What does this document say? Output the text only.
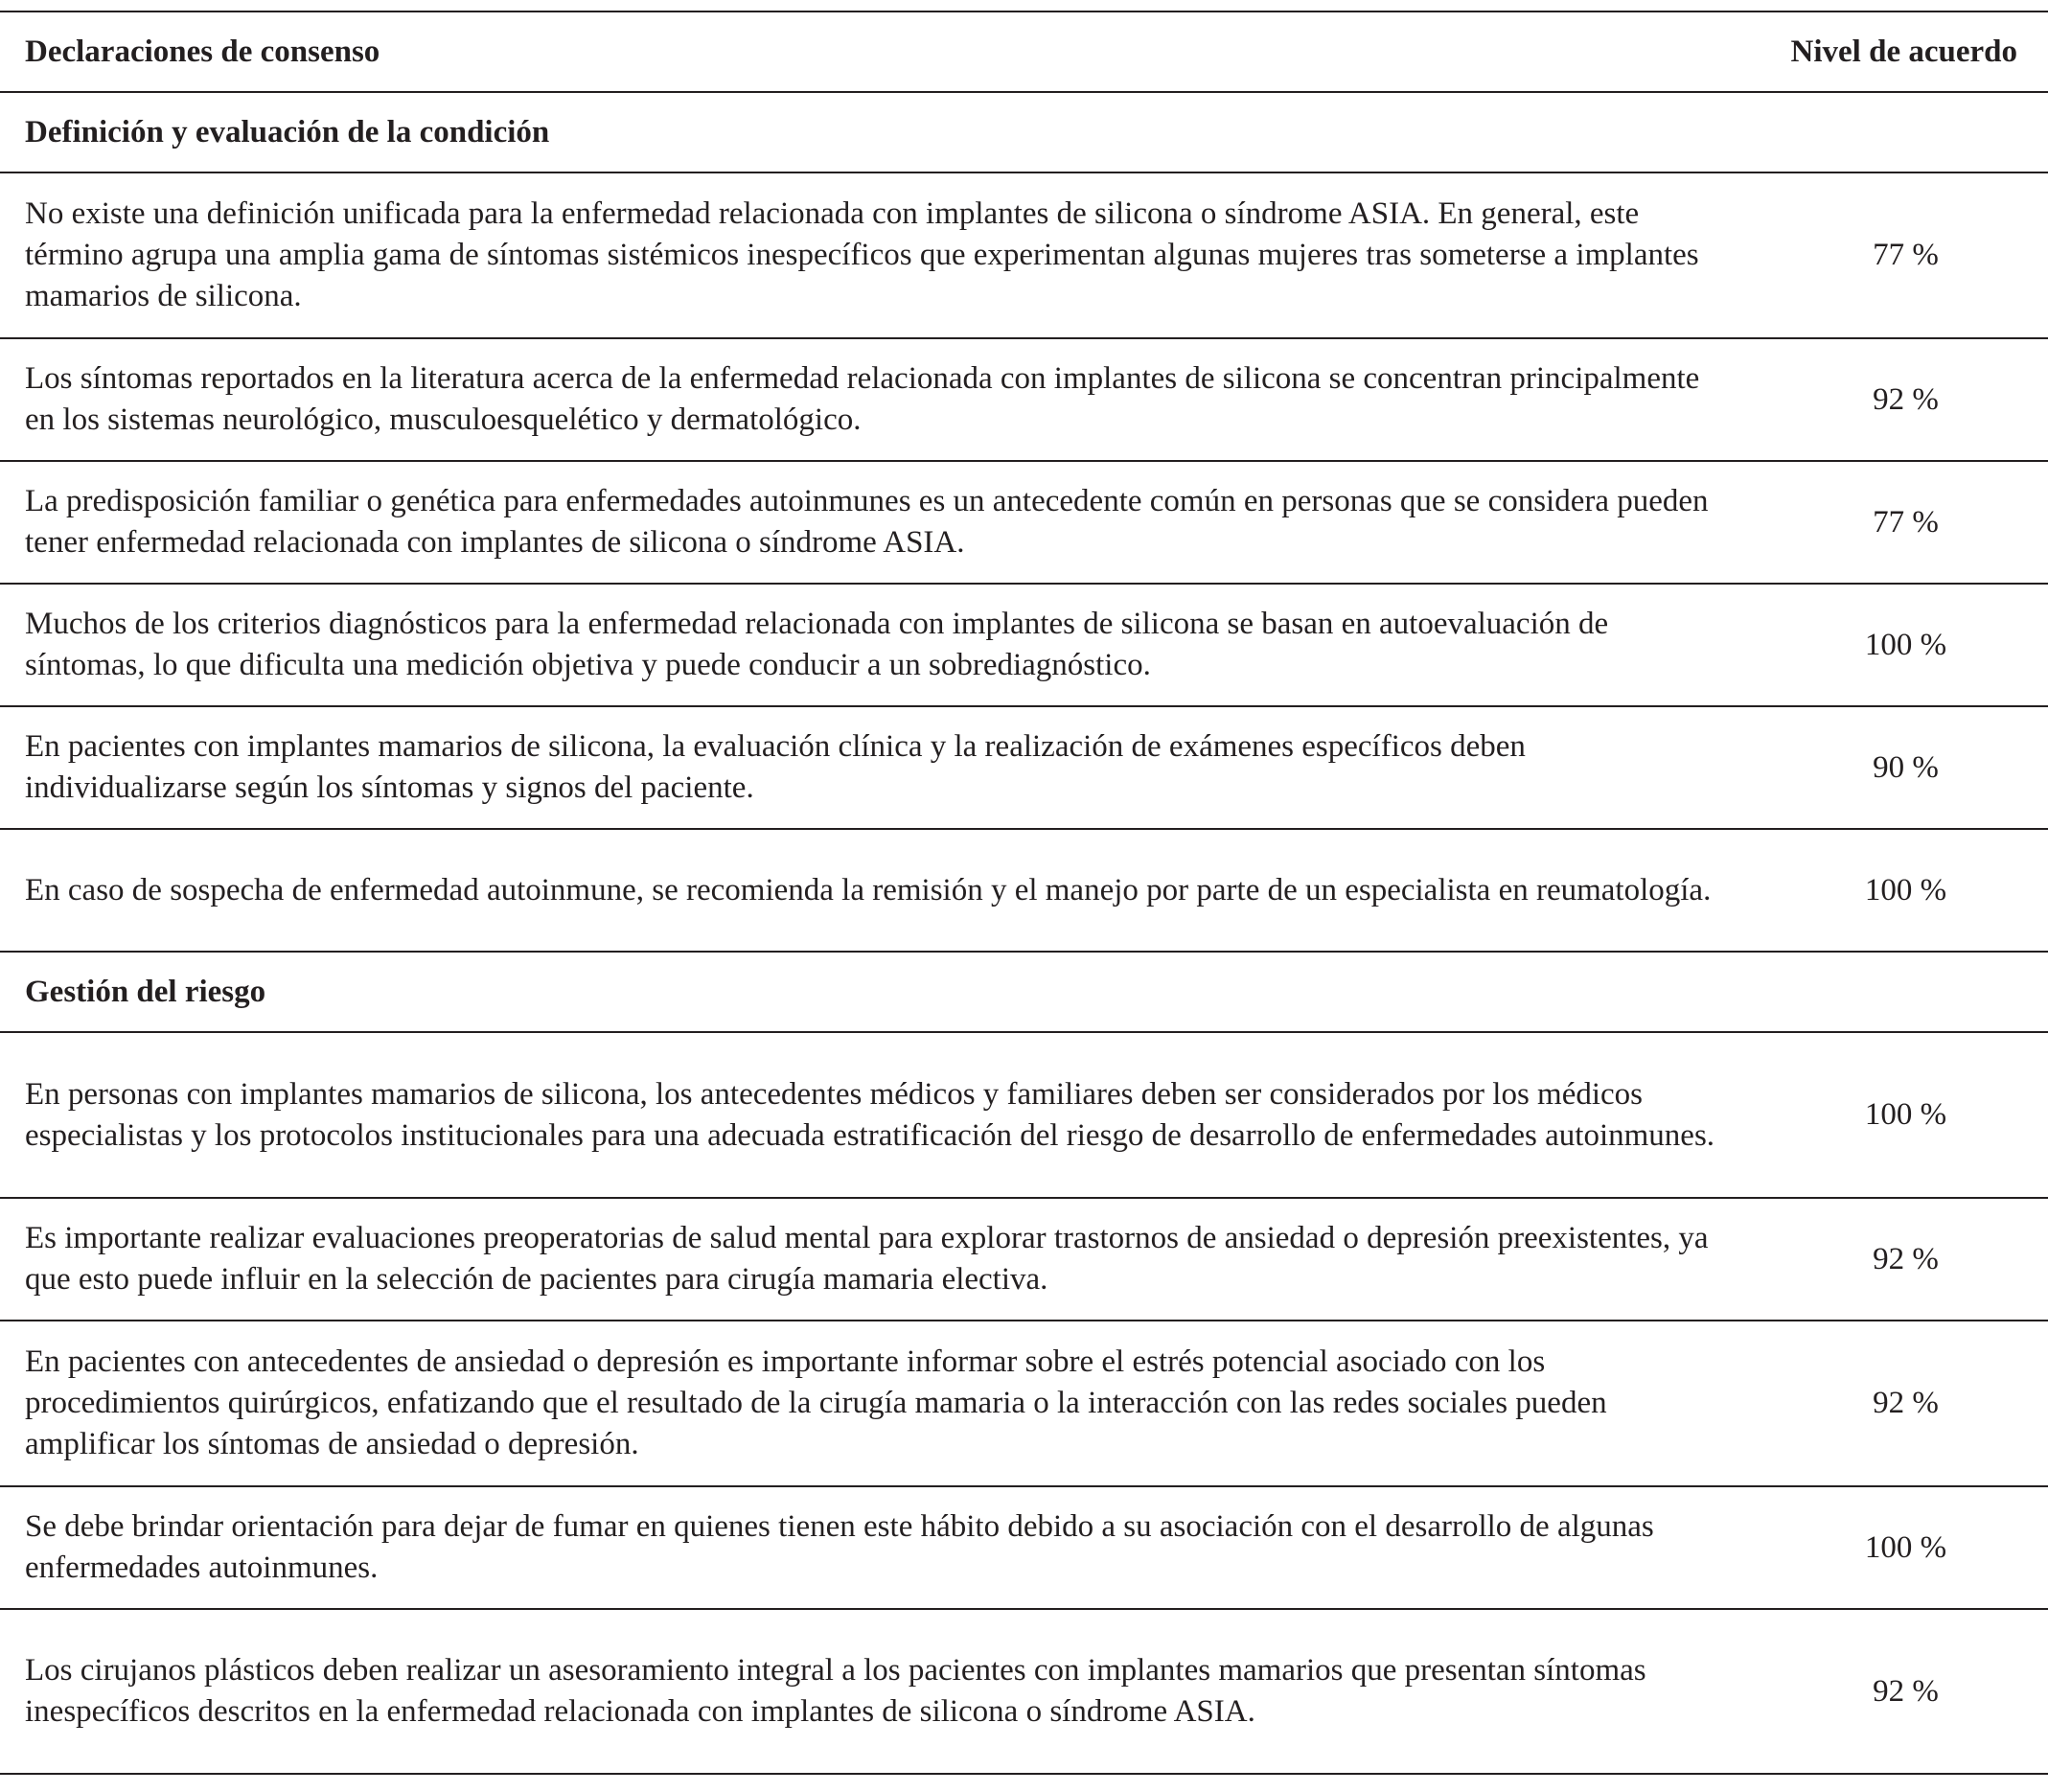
Declaraciones de consenso	Nivel de acuerdo
Definición y evaluación de la condición
No existe una definición unificada para la enfermedad relacionada con implantes de silicona o síndrome ASIA. En general, este término agrupa una amplia gama de síntomas sistémicos inespecíficos que experimentan algunas mujeres tras someterse a implantes mamarios de silicona.
77 %
Los síntomas reportados en la literatura acerca de la enfermedad relacionada con implantes de silicona se concentran principalmente en los sistemas neurológico, musculoesquelético y dermatológico.
92 %
La predisposición familiar o genética para enfermedades autoinmunes es un antecedente común en personas que se considera pueden tener enfermedad relacionada con implantes de silicona o síndrome ASIA.
77 %
Muchos de los criterios diagnósticos para la enfermedad relacionada con implantes de silicona se basan en autoevaluación de síntomas, lo que dificulta una medición objetiva y puede conducir a un sobrediagnóstico.
100 %
En pacientes con implantes mamarios de silicona, la evaluación clínica y la realización de exámenes específicos deben individualizarse según los síntomas y signos del paciente.
90 %
En caso de sospecha de enfermedad autoinmune, se recomienda la remisión y el manejo por parte de un especialista en reumatología.	100 %
Gestión del riesgo
En personas con implantes mamarios de silicona, los antecedentes médicos y familiares deben ser considerados por los médicos especialistas y los protocolos institucionales para una adecuada estratificación del riesgo de desarrollo de enfermedades autoinmunes.
100 %
Es importante realizar evaluaciones preoperatorias de salud mental para explorar trastornos de ansiedad o depresión preexistentes, ya que esto puede influir en la selección de pacientes para cirugía mamaria electiva.
92 %
En pacientes con antecedentes de ansiedad o depresión es importante informar sobre el estrés potencial asociado con los procedimientos quirúrgicos, enfatizando que el resultado de la cirugía mamaria o la interacción con las redes sociales pueden amplificar los síntomas de ansiedad o depresión.
92 %
Se debe brindar orientación para dejar de fumar en quienes tienen este hábito debido a su asociación con el desarrollo de algunas enfermedades autoinmunes.
100 %
Los cirujanos plásticos deben realizar un asesoramiento integral a los pacientes con implantes mamarios que presentan síntomas inespecíficos descritos en la enfermedad relacionada con implantes de silicona o síndrome ASIA.
92 %
